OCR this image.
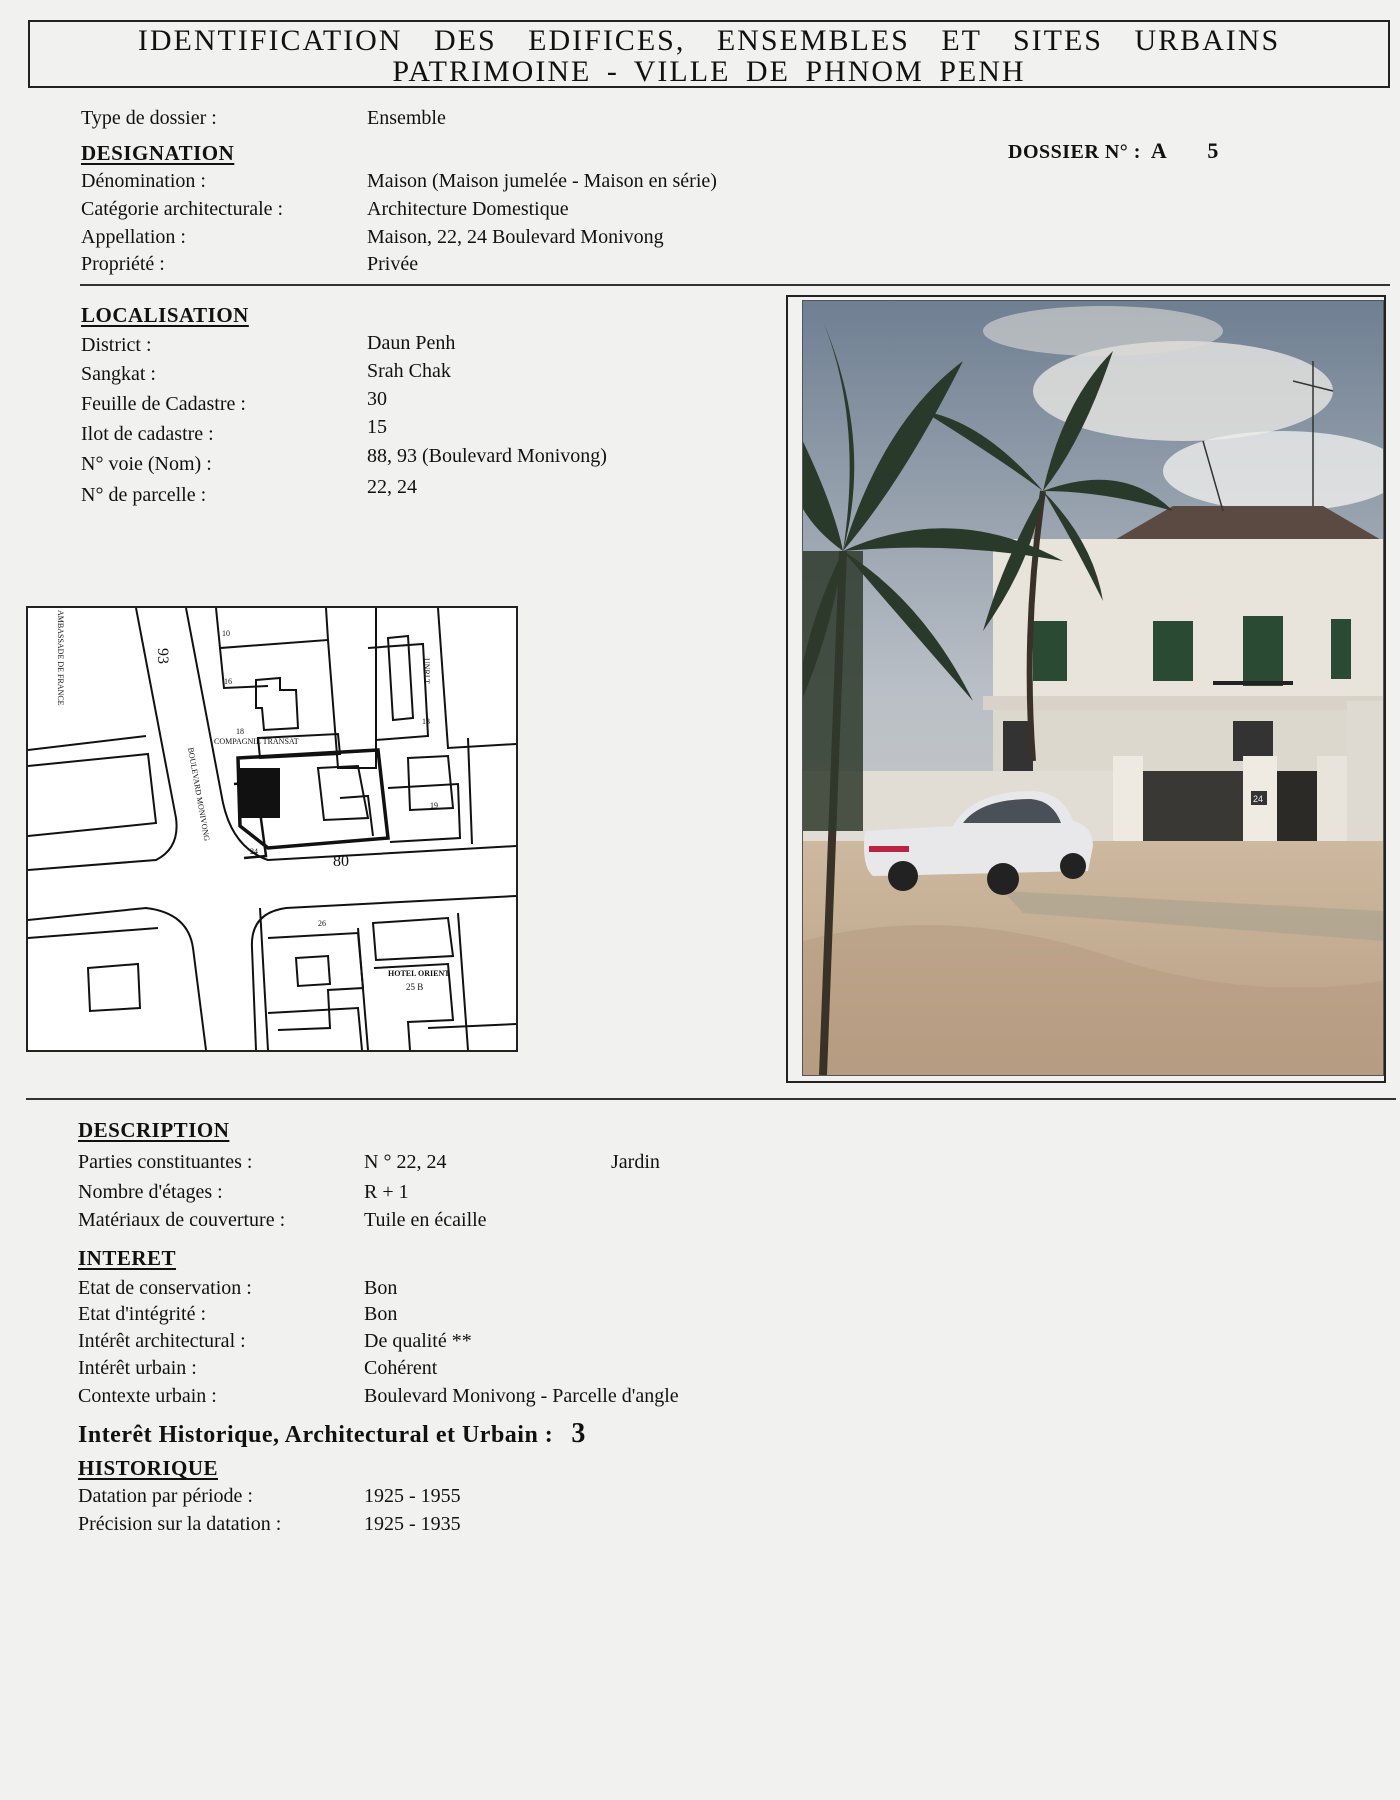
IDENTIFICATION DES EDIFICES, ENSEMBLES ET SITES URBAINS
PATRIMOINE - VILLE DE PHNOM PENH
Type de dossier :	Ensemble
DESIGNATION	DOSSIER N° : A 5
Dénomination :	Maison (Maison jumelée - Maison en série)
Catégorie architecturale :	Architecture Domestique
Appellation :	Maison, 22, 24 Boulevard Monivong
Propriété :	Privée
LOCALISATION
District :	Daun Penh
Sangkat :	Srah Chak
Feuille de Cadastre :	30
Ilot de cadastre :	15
N° voie (Nom) :	88, 93 (Boulevard Monivong)
N° de parcelle :	22, 24
93
80
BOULEVARD MONIVONG
COMPAGNIE TRANSAT
HOTEL ORIENT
25 B
AMBASSADE DE FRANCE
22
24
19
26
16
18
13
10
UNRLT
24
DESCRIPTION
Parties constituantes :	N ° 22, 24	Jardin
Nombre d'étages :	R + 1
Matériaux de couverture :	Tuile en écaille
INTERET
Etat de conservation :	Bon
Etat d'intégrité :	Bon
Intérêt architectural :	De qualité **
Intérêt urbain :	Cohérent
Contexte urbain :	Boulevard Monivong - Parcelle d'angle
Interêt Historique, Architectural et Urbain : 3
HISTORIQUE
Datation par période :	1925 - 1955
Précision sur la datation :	1925 - 1935
